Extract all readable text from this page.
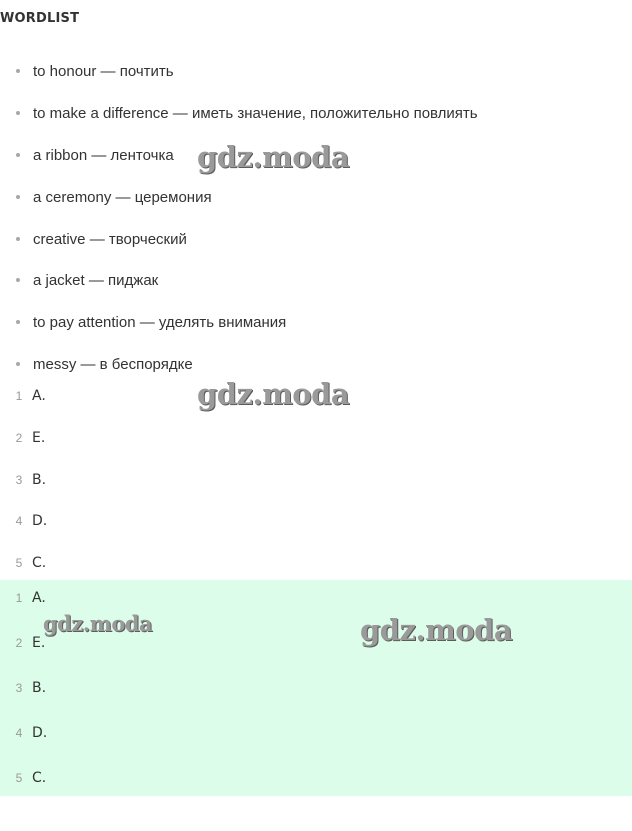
WORDLIST
to honour — почтить
to make a difference — иметь значение, положительно повлиять
a ribbon — ленточка
a ceremony — церемония
creative — творческий
a jacket — пиджак
to pay attention — уделять внимания
messy — в беспорядке
1 A.
2 E.
3 B.
4 D.
5 C.
1 A.
2 E.
3 B.
4 D.
5 C.
gdz.moda
gdz.moda
gdz.moda	gdz.moda
